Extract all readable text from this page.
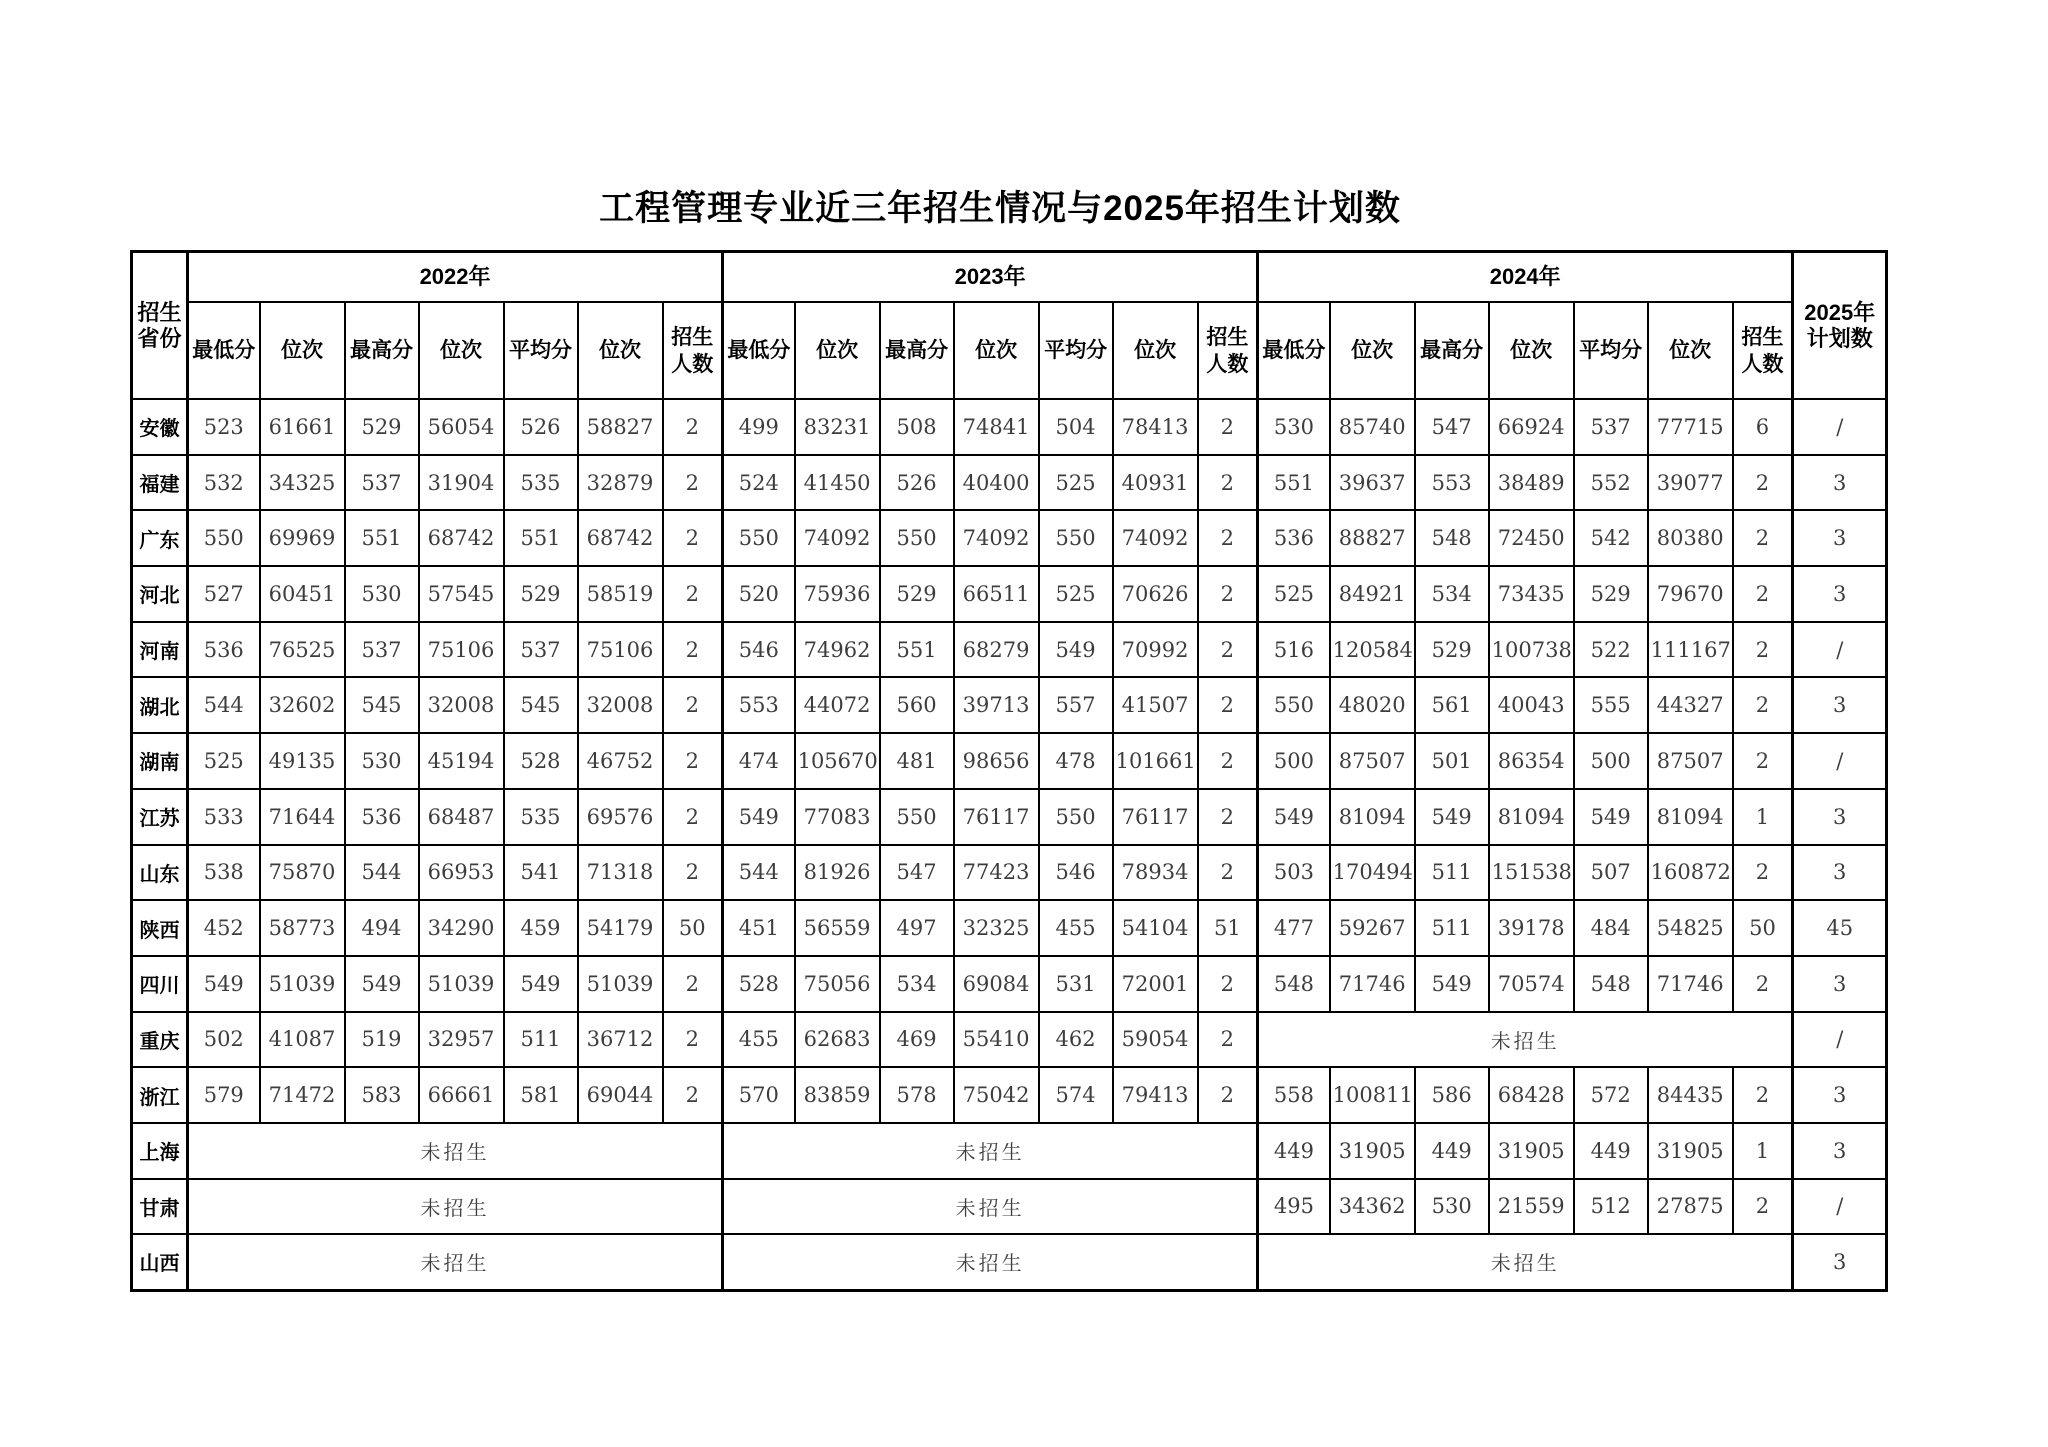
工程管理专业近三年招生情况与2025年招生计划数
招生省份	2022年							2023年							2024年							2025年计划数
	最低分	位次	最高分	位次	平均分	位次	招生人数	最低分	位次	最高分	位次	平均分	位次	招生人数	最低分	位次	最高分	位次	平均分	位次	招生人数	
安徽	523	61661	529	56054	526	58827	2	499	83231	508	74841	504	78413	2	530	85740	547	66924	537	77715	6	/
福建	532	34325	537	31904	535	32879	2	524	41450	526	40400	525	40931	2	551	39637	553	38489	552	39077	2	3
广东	550	69969	551	68742	551	68742	2	550	74092	550	74092	550	74092	2	536	88827	548	72450	542	80380	2	3
河北	527	60451	530	57545	529	58519	2	520	75936	529	66511	525	70626	2	525	84921	534	73435	529	79670	2	3
河南	536	76525	537	75106	537	75106	2	546	74962	551	68279	549	70992	2	516	120584	529	100738	522	111167	2	/
湖北	544	32602	545	32008	545	32008	2	553	44072	560	39713	557	41507	2	550	48020	561	40043	555	44327	2	3
湖南	525	49135	530	45194	528	46752	2	474	105670	481	98656	478	101661	2	500	87507	501	86354	500	87507	2	/
江苏	533	71644	536	68487	535	69576	2	549	77083	550	76117	550	76117	2	549	81094	549	81094	549	81094	1	3
山东	538	75870	544	66953	541	71318	2	544	81926	547	77423	546	78934	2	503	170494	511	151538	507	160872	2	3
陕西	452	58773	494	34290	459	54179	50	451	56559	497	32325	455	54104	51	477	59267	511	39178	484	54825	50	45
四川	549	51039	549	51039	549	51039	2	528	75056	534	69084	531	72001	2	548	71746	549	70574	548	71746	2	3
重庆	502	41087	519	32957	511	36712	2	455	62683	469	55410	462	59054	2	未招生							/
浙江	579	71472	583	66661	581	69044	2	570	83859	578	75042	574	79413	2	558	100811	586	68428	572	84435	2	3
上海	未招生							未招生							449	31905	449	31905	449	31905	1	3
甘肃	未招生							未招生							495	34362	530	21559	512	27875	2	/
山西	未招生							未招生							未招生							3
